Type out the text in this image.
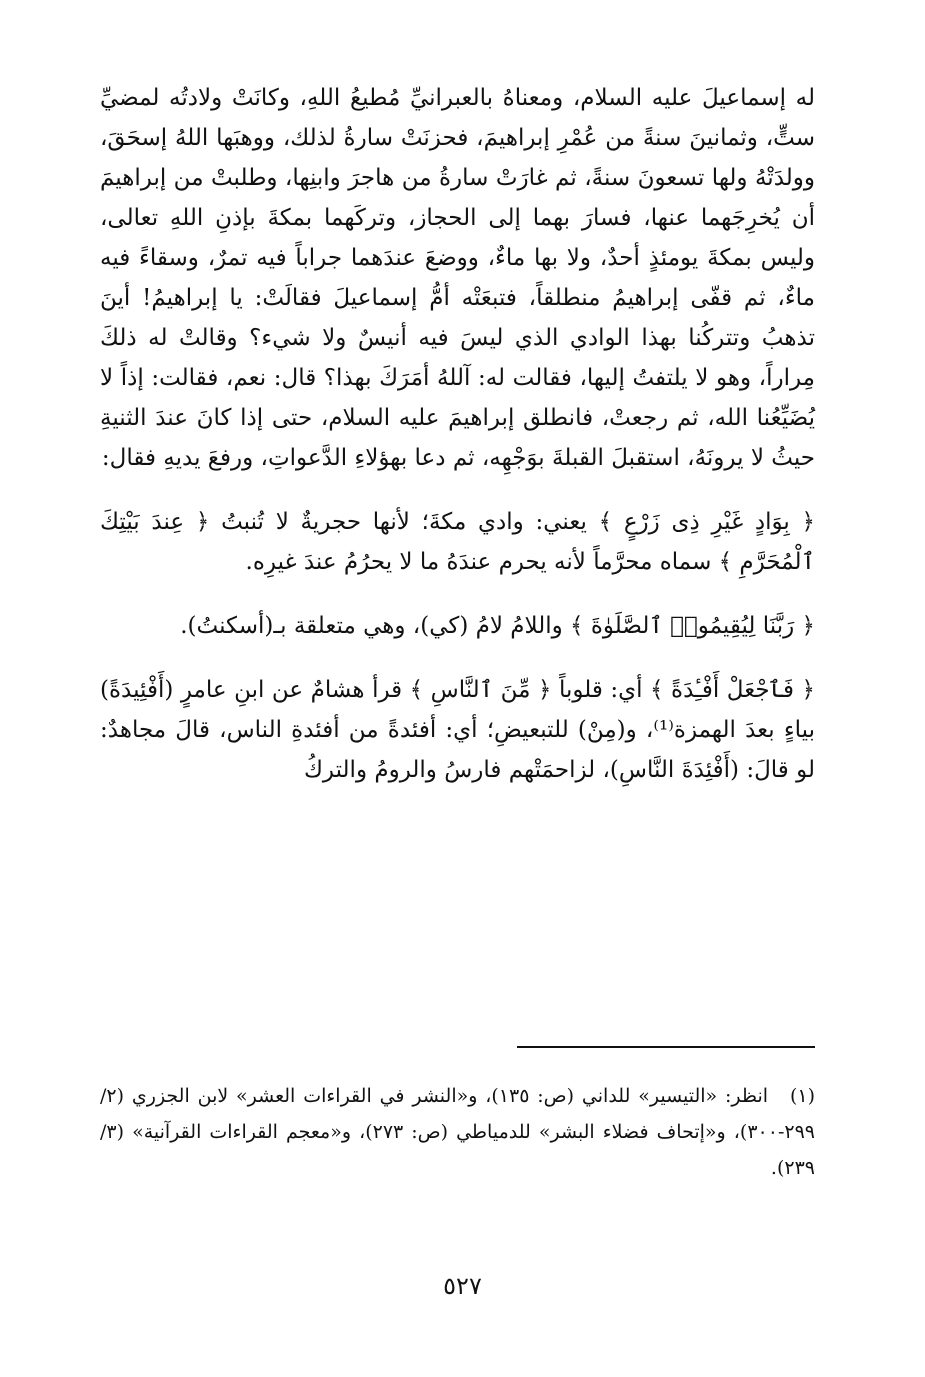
له إسماعيلَ عليه السلام، ومعناهُ بالعبرانيِّ مُطيعُ اللهِ، وكانَتْ ولادتُه لمضيِّ ستٍّ، وثمانينَ سنةً من عُمْرِ إبراهيمَ، فحزنَتْ سارةُ لذلك، ووهبَها اللهُ إسحَقَ، وولدَتْهُ ولها تسعونَ سنةً، ثم غارَتْ سارةُ من هاجرَ وابنِها، وطلبتْ من إبراهيمَ أن يُخرِجَهما عنها، فسارَ بهما إلى الحجاز، وتركَهما بمكةَ بإذنِ اللهِ تعالى، وليس بمكةَ يومئذٍ أحدٌ، ولا بها ماءٌ، ووضعَ عندَهما جراباً فيه تمرٌ، وسقاءً فيه ماءٌ، ثم قفّى إبراهيمُ منطلقاً، فتبعَتْه أمُّ إسماعيلَ فقالَتْ: يا إبراهيمُ! أينَ تذهبُ وتتركُنا بهذا الوادي الذي ليسَ فيه أنيسٌ ولا شيء؟ وقالتْ له ذلكَ مِراراً، وهو لا يلتفتُ إليها، فقالت له: آللهُ أمَرَكَ بهذا؟ قال: نعم، فقالت: إذاً لا يُضَيِّعُنا الله، ثم رجعتْ، فانطلق إبراهيمَ عليه السلام، حتى إذا كانَ عندَ الثنيةِ حيثُ لا يرونَهُ، استقبلَ القبلةَ بوَجْهِه، ثم دعا بهؤلاءِ الدَّعواتِ، ورفعَ يديهِ فقال:

﴿ بِوَادٍ غَيْرِ ذِى زَرْعٍ ﴾ يعني: وادي مكةَ؛ لأنها حجريةٌ لا تُنبتُ ﴿ عِندَ بَيْتِكَ ٱلْمُحَرَّمِ ﴾ سماه محرَّماً لأنه يحرم عندَهُ ما لا يحرُمُ عندَ غيرِه.

﴿ رَبَّنَا لِيُقِيمُوا۟ ٱلصَّلَوٰةَ ﴾ واللامُ لامُ (كي)، وهي متعلقة بـ(أسكنتُ).

﴿ فَٱجْعَلْ أَفْـِٔدَةً ﴾ أي: قلوباً ﴿ مِّنَ ٱلنَّاسِ ﴾ قرأ هشامٌ عن ابنِ عامرٍ (أَفْئِيدَةً) بياءٍ بعدَ الهمزة⁽¹⁾، و(مِنْ) للتبعيضِ؛ أي: أفئدةً من أفئدةِ الناس، قالَ مجاهدٌ: لو قالَ: (أَفْئِدَةَ النَّاسِ)، لزاحمَتْهم فارسُ والرومُ والتركُ

(١) انظر: «التيسير» للداني (ص: ١٣٥)، و«النشر في القراءات العشر» لابن الجزري (٢/ ٢٩٩-٣٠٠)، و«إتحاف فضلاء البشر» للدمياطي (ص: ٢٧٣)، و«معجم القراءات القرآنية» (٣/ ٢٣٩).
٥٢٧
